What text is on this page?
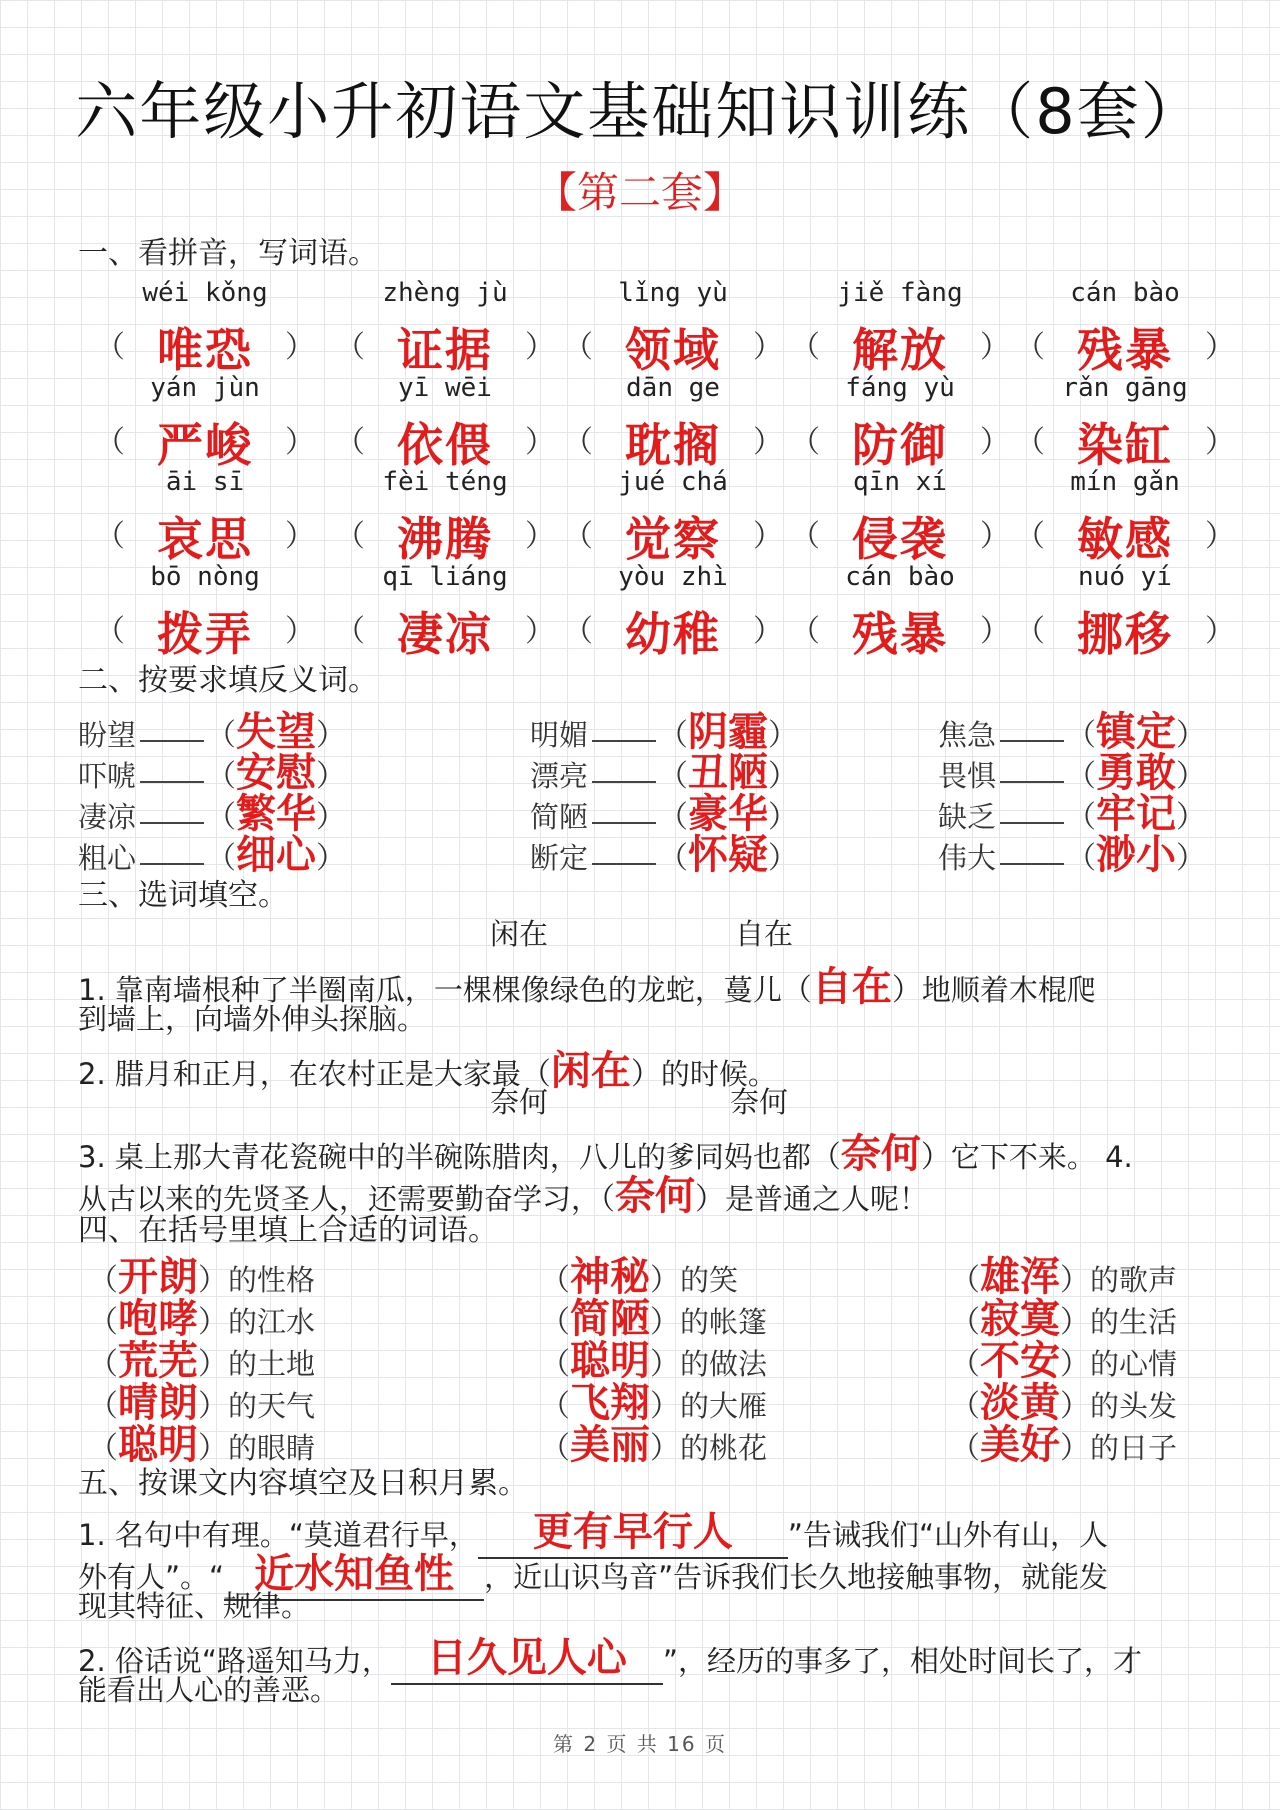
六年级小升初语文基础知识训练（8套）
【第二套】
一、看拼音，写词语。
wéi kǒng
（ 唯恐	）
zhèng jù
（ 证据	）
lǐng yù
（ 领域	）
jiě fàng
（ 解放	）
cán bào
（ 残暴	）
yán jùn
（ 严峻	）
yī wēi
（ 依偎	）
dān ge
（ 耽搁	）
fáng yù
（ 防御	）
rǎn gāng
（ 染缸	）
āi sī
（ 哀思	）
fèi téng
（ 沸腾	）
jué chá
（ 觉察	）
qīn xí
（ 侵袭	）
mín gǎn
（ 敏感	）
bō nòng
（ 拨弄	）
qī liáng
（ 凄凉	）
yòu zhì
（ 幼稚	）
cán bào
（ 残暴	）
nuó yí
（ 挪移	）
二、按要求填反义词。
盼望 （失望）
吓唬 （安慰）
凄凉 （繁华）
粗心 （细心）
明媚 （阴霾）
漂亮 （丑陋）
简陋 （豪华）
断定 （怀疑）
焦急 （镇定）
畏惧 （勇敢）
缺乏 （牢记）
伟大 （渺小）
三、选词填空。
闲在	自在
1. 靠南墙根种了半圈南瓜，一棵棵像绿色的龙蛇，蔓儿（自在）地顺着木棍爬
到墙上，向墙外伸头探脑。
2. 腊月和正月，在农村正是大家最（闲在）的时候。
奈何	奈何
3. 桌上那大青花瓷碗中的半碗陈腊肉，八儿的爹同妈也都（奈何）它下不来。 4.
从古以来的先贤圣人，还需要勤奋学习，（奈何）是普通之人呢！
四、在括号里填上合适的词语。
（开朗）的性格
（咆哮）的江水
（荒芜）的土地
（晴朗）的天气
（聪明）的眼睛
（神秘）的笑
（简陋）的帐篷
（聪明）的做法
（飞翔）的大雁
（美丽）的桃花
（雄浑）的歌声
（寂寞）的生活
（不安）的心情
（淡黄）的头发
（美好）的日子
五、按课文内容填空及日积月累。
1. 名句中有理。“莫道君行早， 更有早行人 ”告诫我们“山外有山，人
外有人”。“ 近水知鱼性 ，近山识鸟音”告诉我们长久地接触事物，就能发
现其特征、规律。
2. 俗话说“路遥知马力， 日久见人心 ”，经历的事多了，相处时间长了，才
能看出人心的善恶。
第 2 页 共 16 页
